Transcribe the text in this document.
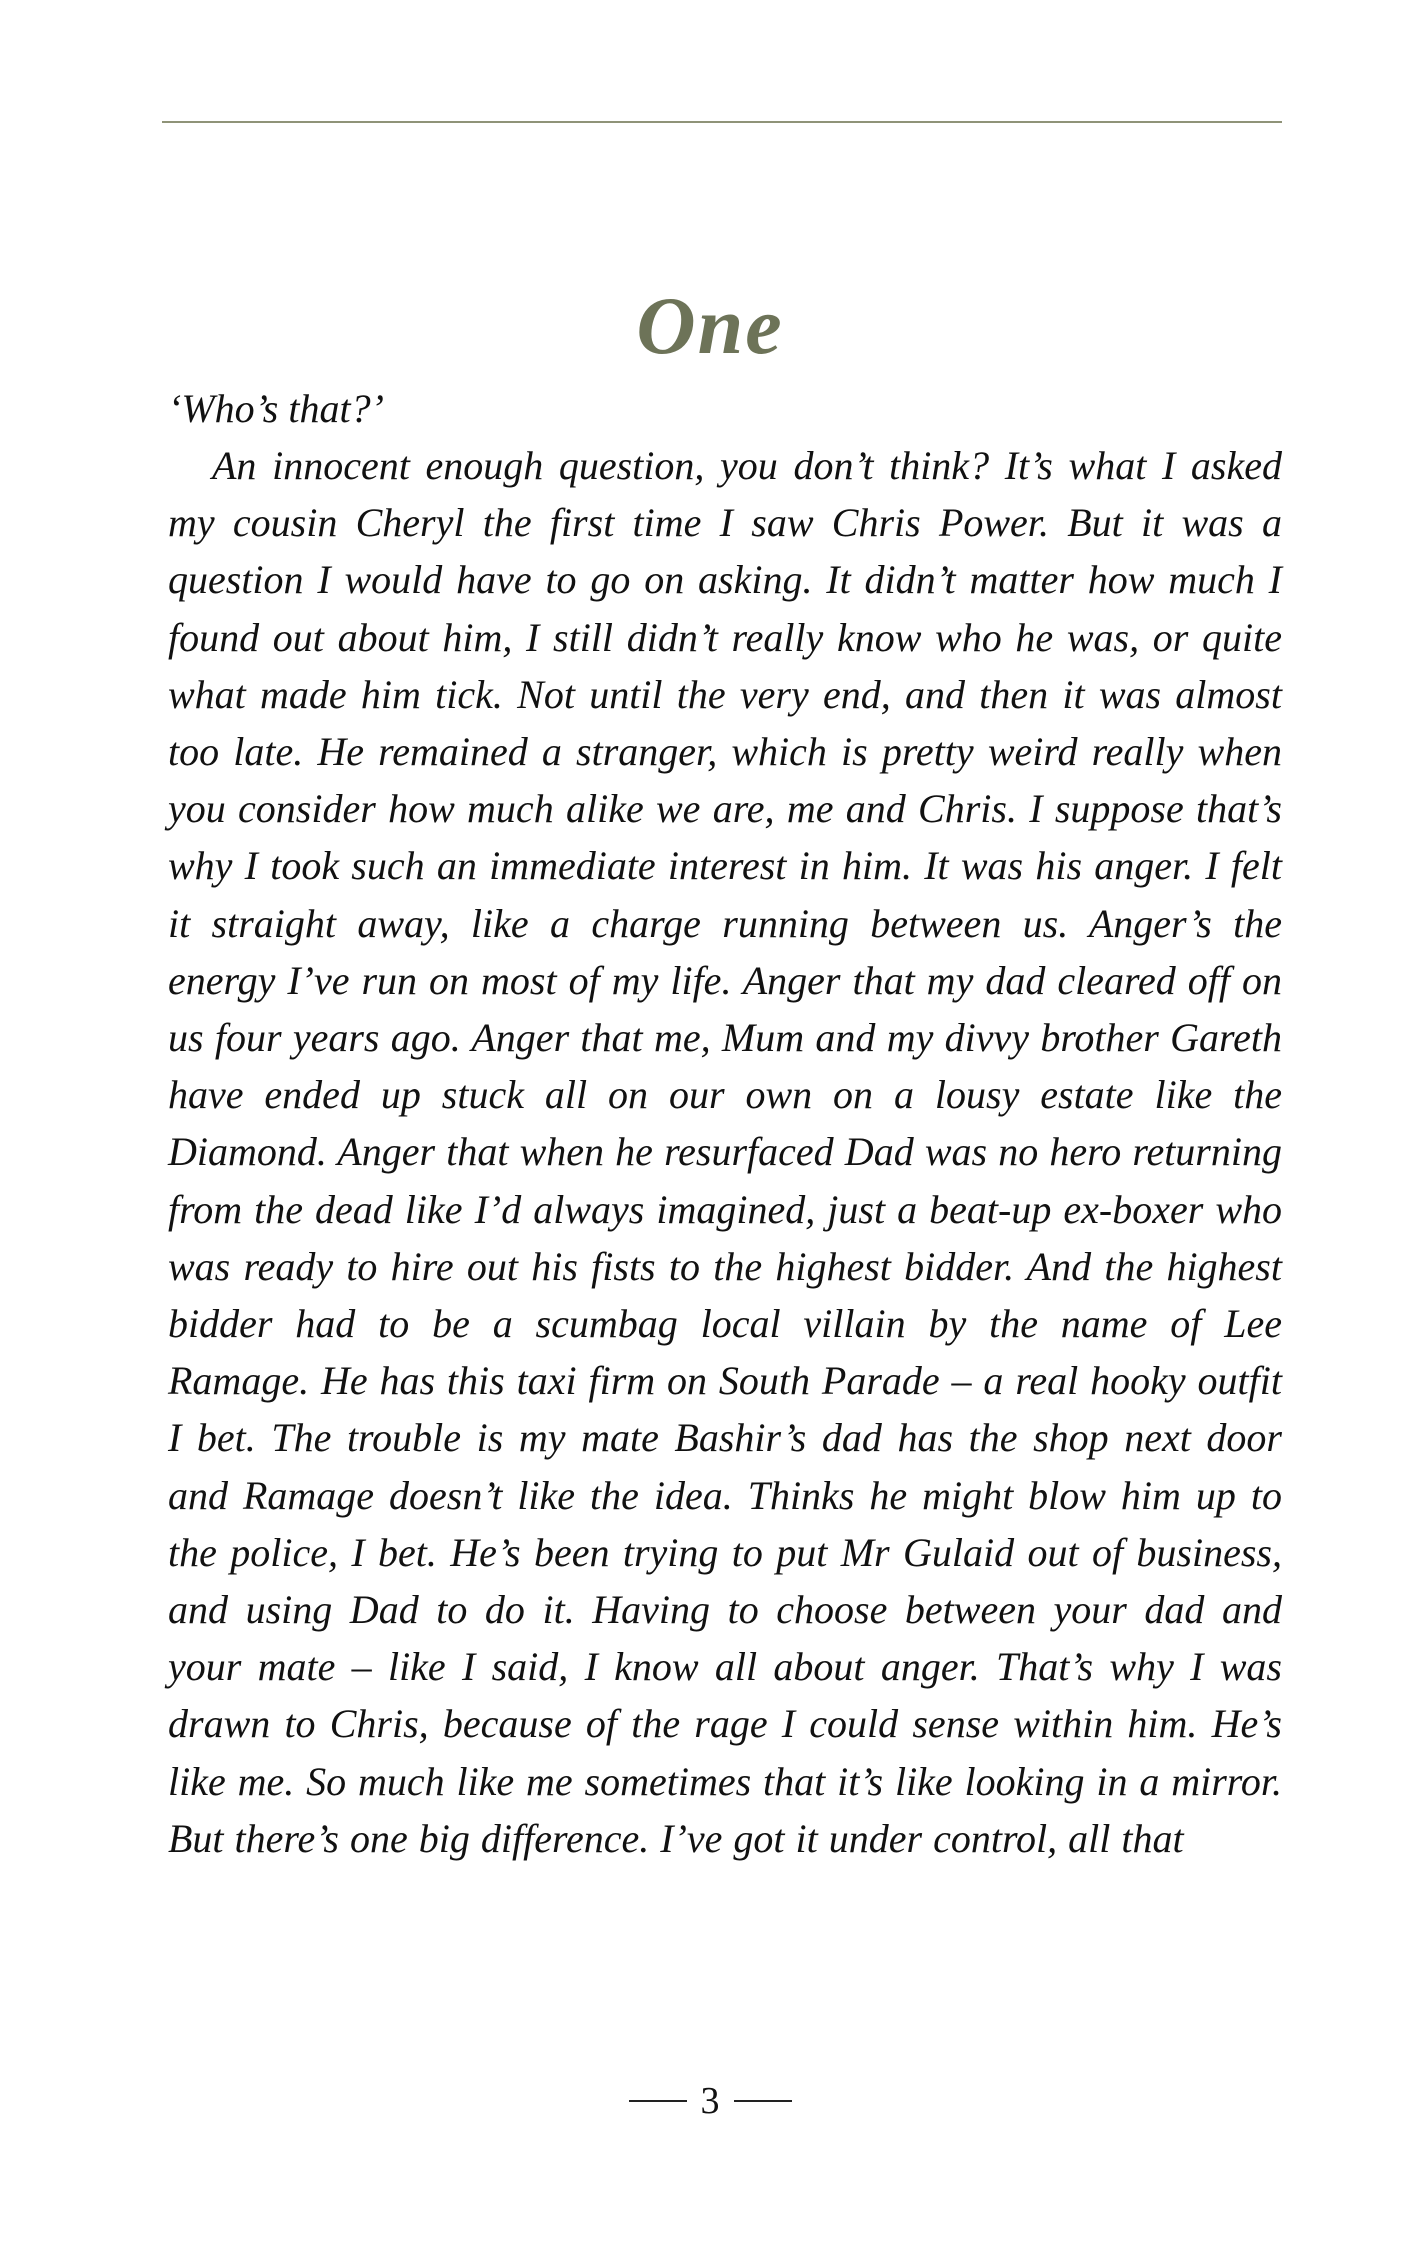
One

‘Who’s that?’

An innocent enough question, you don’t think? It’s what I asked my cousin Cheryl the first time I saw Chris Power. But it was a question I would have to go on asking. It didn’t matter how much I found out about him, I still didn’t really know who he was, or quite what made him tick. Not until the very end, and then it was almost too late. He remained a stranger, which is pretty weird really when you consider how much alike we are, me and Chris. I suppose that’s why I took such an immediate interest in him. It was his anger. I felt it straight away, like a charge running between us. Anger’s the energy I’ve run on most of my life. Anger that my dad cleared off on us four years ago. Anger that me, Mum and my divvy brother Gareth have ended up stuck all on our own on a lousy estate like the Diamond. Anger that when he resurfaced Dad was no hero returning from the dead like I’d always imagined, just a beat-up ex-boxer who was ready to hire out his fists to the highest bidder. And the highest bidder had to be a scumbag local villain by the name of Lee Ramage. He has this taxi firm on South Parade – a real hooky outfit I bet. The trouble is my mate Bashir’s dad has the shop next door and Ramage doesn’t like the idea. Thinks he might blow him up to the police, I bet. He’s been trying to put Mr Gulaid out of business, and using Dad to do it. Having to choose between your dad and your mate – like I said, I know all about anger. That’s why I was drawn to Chris, because of the rage I could sense within him. He’s like me. So much like me sometimes that it’s like looking in a mirror. But there’s one big difference. I’ve got it under control, all that

3
